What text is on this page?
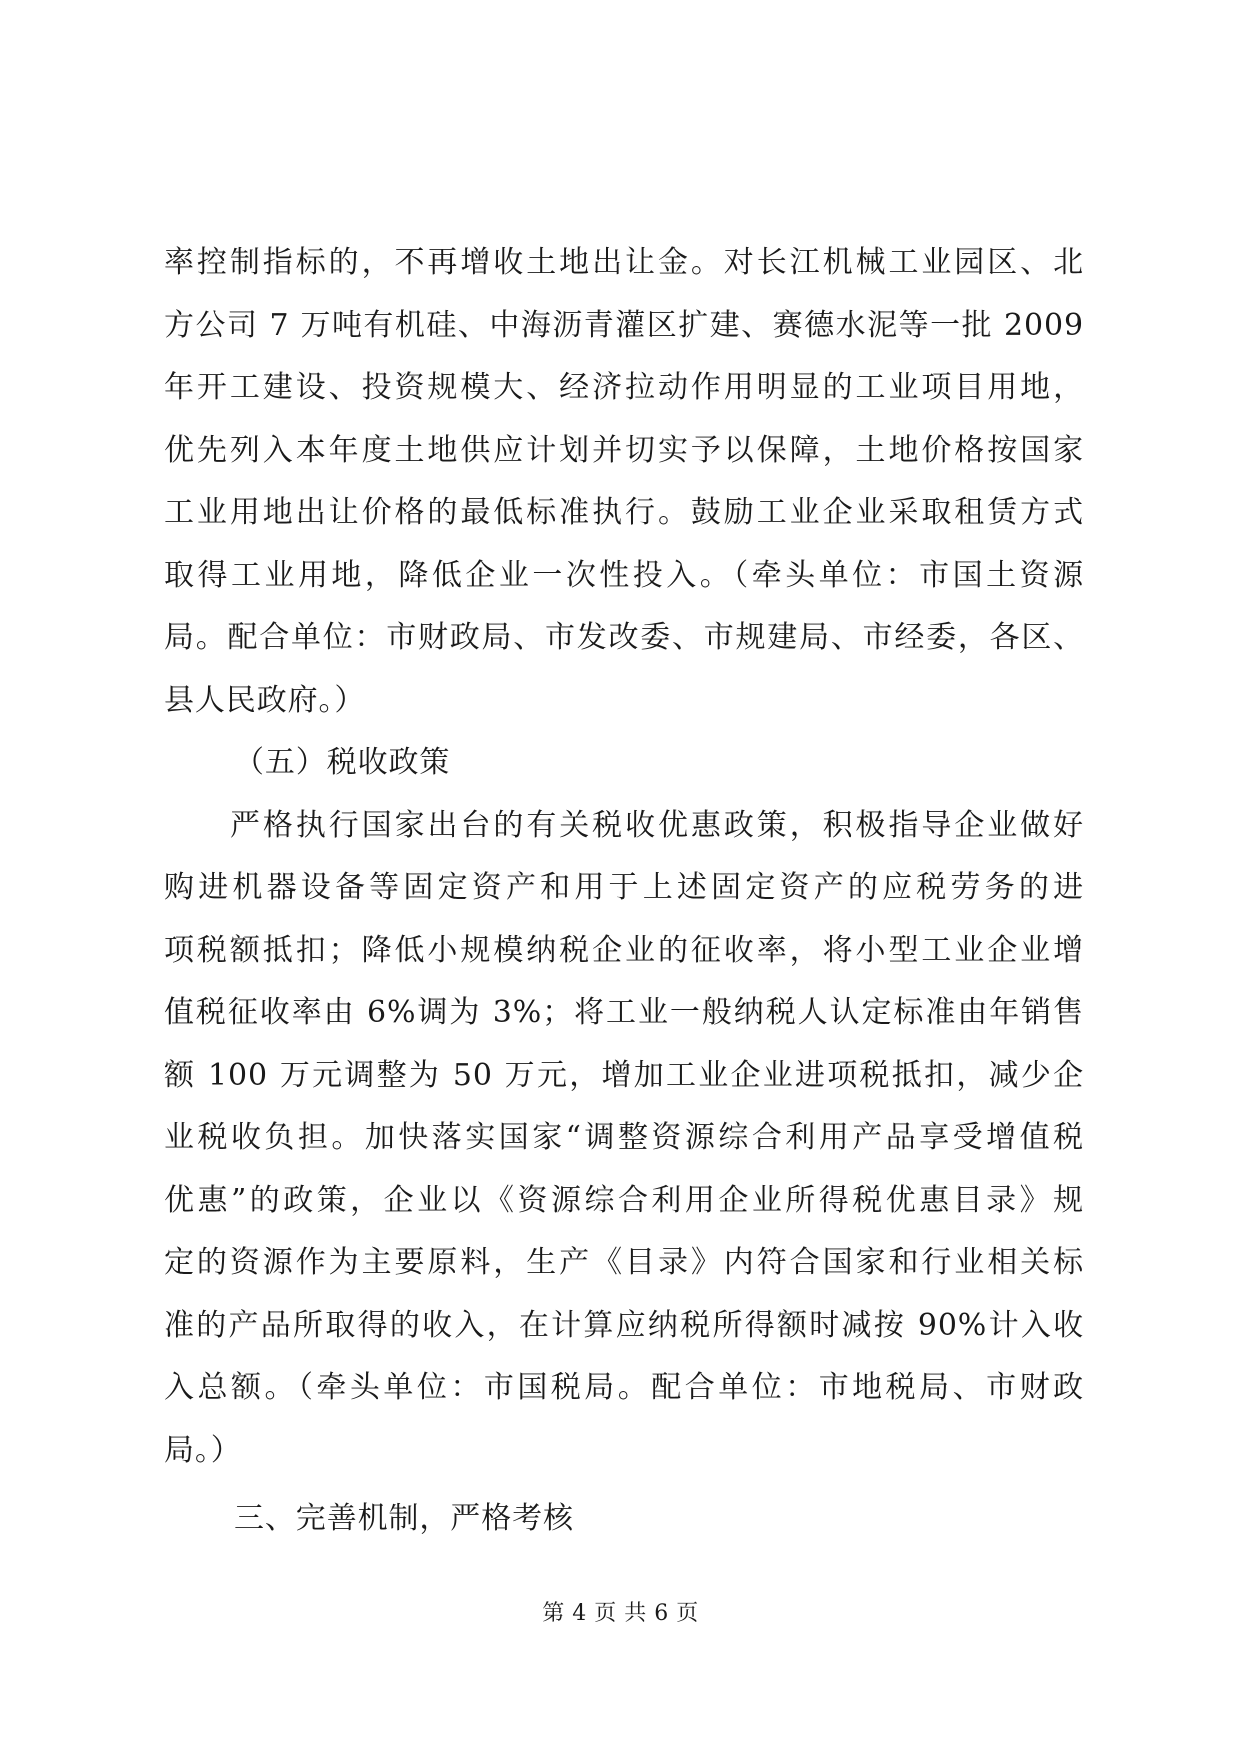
率控制指标的，不再增收土地出让金。对长江机械工业园区、北
方公司 7 万吨有机硅、中海沥青灌区扩建、赛德水泥等一批 2009
年开工建设、投资规模大、经济拉动作用明显的工业项目用地，
优先列入本年度土地供应计划并切实予以保障，土地价格按国家
工业用地出让价格的最低标准执行。鼓励工业企业采取租赁方式
取得工业用地，降低企业一次性投入。（牵头单位：市国土资源
局。配合单位：市财政局、市发改委、市规建局、市经委，各区、
县人民政府。）
（五）税收政策
严格执行国家出台的有关税收优惠政策，积极指导企业做好
购进机器设备等固定资产和用于上述固定资产的应税劳务的进
项税额抵扣；降低小规模纳税企业的征收率，将小型工业企业增
值税征收率由 6%调为 3%；将工业一般纳税人认定标准由年销售
额 100 万元调整为 50 万元，增加工业企业进项税抵扣，减少企
业税收负担。加快落实国家“调整资源综合利用产品享受增值税
优惠”的政策，企业以《资源综合利用企业所得税优惠目录》规
定的资源作为主要原料，生产《目录》内符合国家和行业相关标
准的产品所取得的收入，在计算应纳税所得额时减按 90%计入收
入总额。（牵头单位：市国税局。配合单位：市地税局、市财政
局。）
三、完善机制，严格考核
第 4 页 共 6 页
